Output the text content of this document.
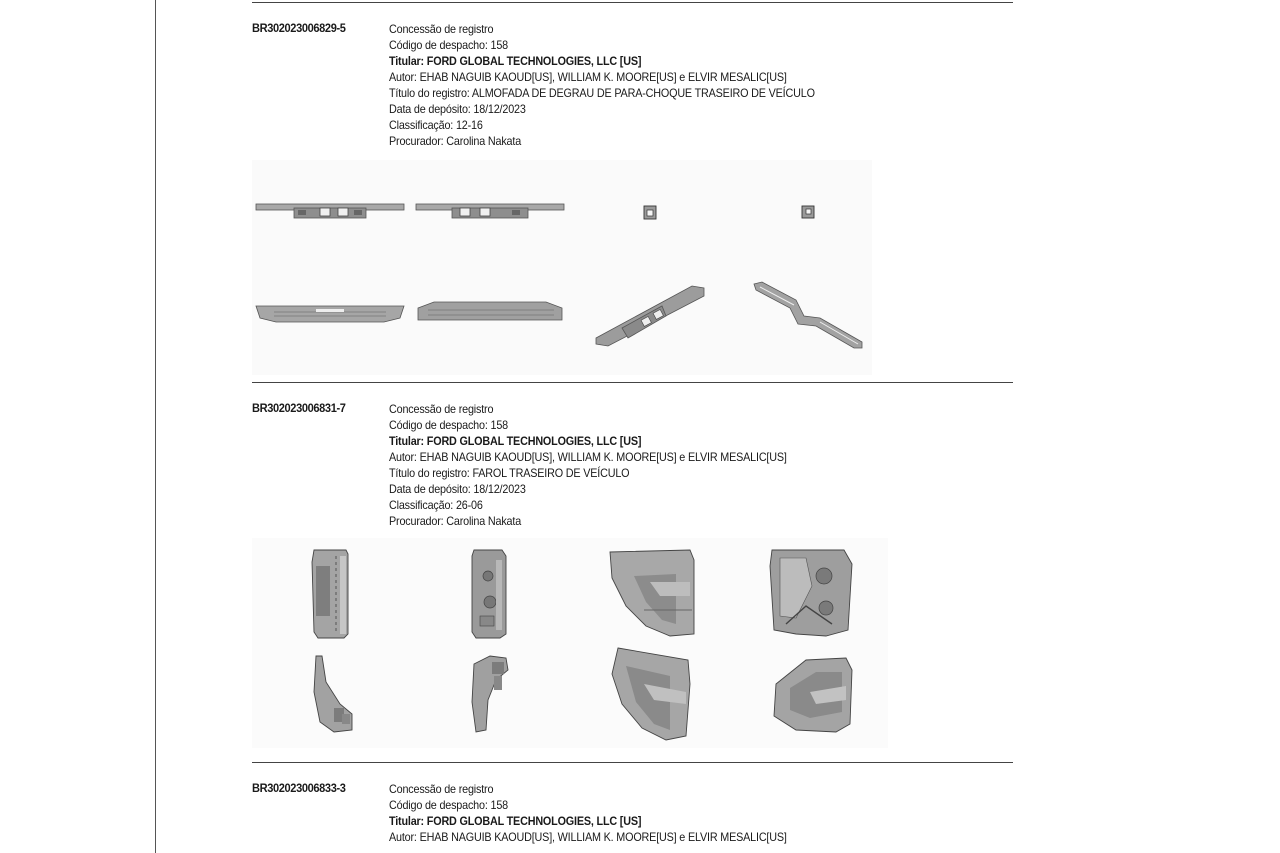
BR302023006829-5	Concessão de registro
Código de despacho: 158
Titular: FORD GLOBAL TECHNOLOGIES, LLC [US]
Autor: EHAB NAGUIB KAOUD[US], WILLIAM K. MOORE[US] e ELVIR MESALIC[US]
Título do registro: ALMOFADA DE DEGRAU DE PARA-CHOQUE TRASEIRO DE VEÍCULO
Data de depósito: 18/12/2023
Classificação: 12-16
Procurador: Carolina Nakata
BR302023006831-7	Concessão de registro
Código de despacho: 158
Titular: FORD GLOBAL TECHNOLOGIES, LLC [US]
Autor: EHAB NAGUIB KAOUD[US], WILLIAM K. MOORE[US] e ELVIR MESALIC[US]
Título do registro: FAROL TRASEIRO DE VEÍCULO
Data de depósito: 18/12/2023
Classificação: 26-06
Procurador: Carolina Nakata
BR302023006833-3	Concessão de registro
Código de despacho: 158
Titular: FORD GLOBAL TECHNOLOGIES, LLC [US]
Autor: EHAB NAGUIB KAOUD[US], WILLIAM K. MOORE[US] e ELVIR MESALIC[US]
